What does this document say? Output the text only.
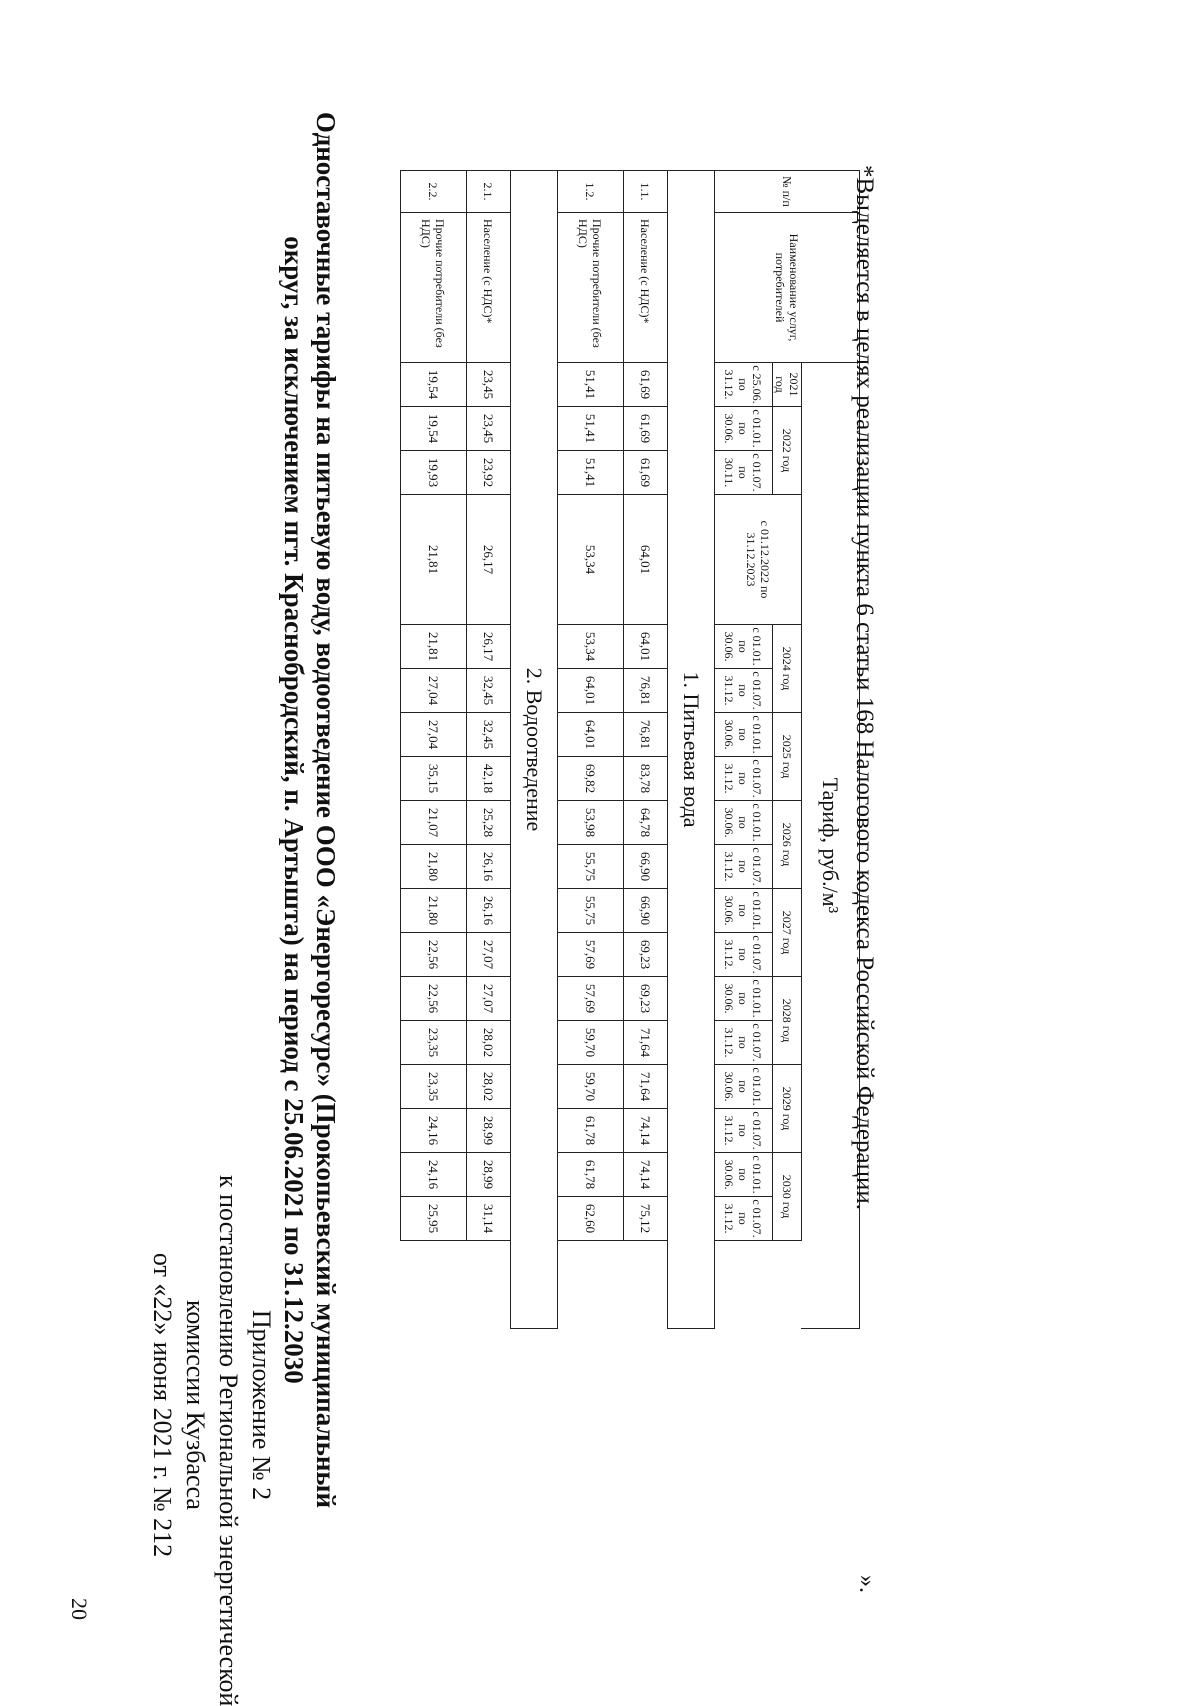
20
Приложение № 2
к постановлению Региональной энергетической
комиссии Кузбасса
от «22» июня 2021 г. № 212	Одноставочные тарифы на питьевую воду, водоотведение ООО «Энергоресурс» (Прокопьевский муниципальный
округ, за исключением пгт. Краснобродский, п. Артышта) на период с 25.06.2021 по 31.12.2030
№ п/п	Наименование услуг, потребителей	Тариф, руб./м³																	
		2021 год	2022 год		с 01.12.2022 по 31.12.2023	2024 год		2025 год		2026 год		2027 год		2028 год		2029 год		2030 год	
		с 25.06. по 31.12.	с 01.01. по 30.06.	с 01.07. по 30.11.		с 01.01. по 30.06.	с 01.07. по 31.12.	с 01.01. по 30.06.	с 01.07. по 31.12.	с 01.01. по 30.06.	с 01.07. по 31.12.	с 01.01. по 30.06.	с 01.07. по 31.12.	с 01.01. по 30.06.	с 01.07. по 31.12.	с 01.01. по 30.06.	с 01.07. по 31.12.	с 01.01. по 30.06.	с 01.07. по 31.12.
1. Питьевая вода																			
1.1.	Население (с НДС)*	61,69	61,69	61,69	64,01	64,01	76,81	76,81	83,78	64,78	66,90	66,90	69,23	69,23	71,64	71,64	74,14	74,14	75,12
1.2.	Прочие потребители (без НДС)	51,41	51,41	51,41	53,34	53,34	64,01	64,01	69,82	53,98	55,75	55,75	57,69	57,69	59,70	59,70	61,78	61,78	62,60
2. Водоотведение																			
2.1.	Население (с НДС)*	23,45	23,45	23,92	26,17	26,17	32,45	32,45	42,18	25,28	26,16	26,16	27,07	27,07	28,02	28,02	28,99	28,99	31,14
2.2.	Прочие потребители (без НДС)	19,54	19,54	19,93	21,81	21,81	27,04	27,04	35,15	21,07	21,80	21,80	22,56	22,56	23,35	23,35	24,16	24,16	25,95
*Выделяется в целях реализации пункта 6 статьи 168 Налогового кодекса Российской Федерации.
».
